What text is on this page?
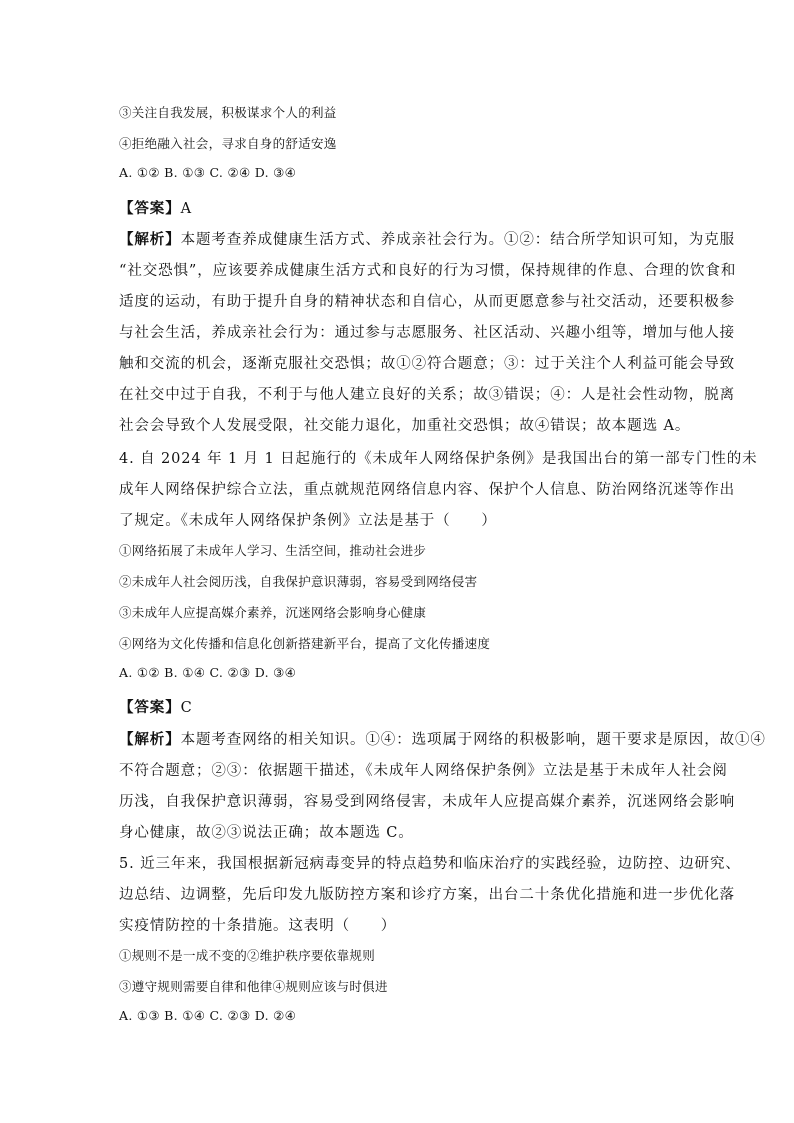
③关注自我发展，积极谋求个人的利益
④拒绝融入社会，寻求自身的舒适安逸
A. ①② B. ①③ C. ②④ D. ③④
【答案】A
【解析】本题考查养成健康生活方式、养成亲社会行为。①②：结合所学知识可知，为克服
“社交恐惧”，应该要养成健康生活方式和良好的行为习惯，保持规律的作息、合理的饮食和
适度的运动，有助于提升自身的精神状态和自信心，从而更愿意参与社交活动，还要积极参
与社会生活，养成亲社会行为：通过参与志愿服务、社区活动、兴趣小组等，增加与他人接
触和交流的机会，逐渐克服社交恐惧；故①②符合题意；③：过于关注个人利益可能会导致
在社交中过于自我，不利于与他人建立良好的关系；故③错误；④：人是社会性动物，脱离
社会会导致个人发展受限，社交能力退化，加重社交恐惧；故④错误；故本题选 A。
4. 自 2024 年 1 月 1 日起施行的《未成年人网络保护条例》是我国出台的第一部专门性的未
成年人网络保护综合立法，重点就规范网络信息内容、保护个人信息、防治网络沉迷等作出
了规定。《未成年人网络保护条例》立法是基于（　　）
①网络拓展了未成年人学习、生活空间，推动社会进步
②未成年人社会阅历浅，自我保护意识薄弱，容易受到网络侵害
③未成年人应提高媒介素养，沉迷网络会影响身心健康
④网络为文化传播和信息化创新搭建新平台，提高了文化传播速度
A. ①② B. ①④ C. ②③ D. ③④
【答案】C
【解析】本题考查网络的相关知识。①④：选项属于网络的积极影响，题干要求是原因，故①④
不符合题意；②③：依据题干描述，《未成年人网络保护条例》立法是基于未成年人社会阅
历浅，自我保护意识薄弱，容易受到网络侵害，未成年人应提高媒介素养，沉迷网络会影响
身心健康，故②③说法正确；故本题选 C。
5. 近三年来，我国根据新冠病毒变异的特点趋势和临床治疗的实践经验，边防控、边研究、
边总结、边调整，先后印发九版防控方案和诊疗方案，出台二十条优化措施和进一步优化落
实疫情防控的十条措施。这表明（　　）
①规则不是一成不变的②维护秩序要依靠规则
③遵守规则需要自律和他律④规则应该与时俱进
A. ①③ B. ①④ C. ②③ D. ②④
